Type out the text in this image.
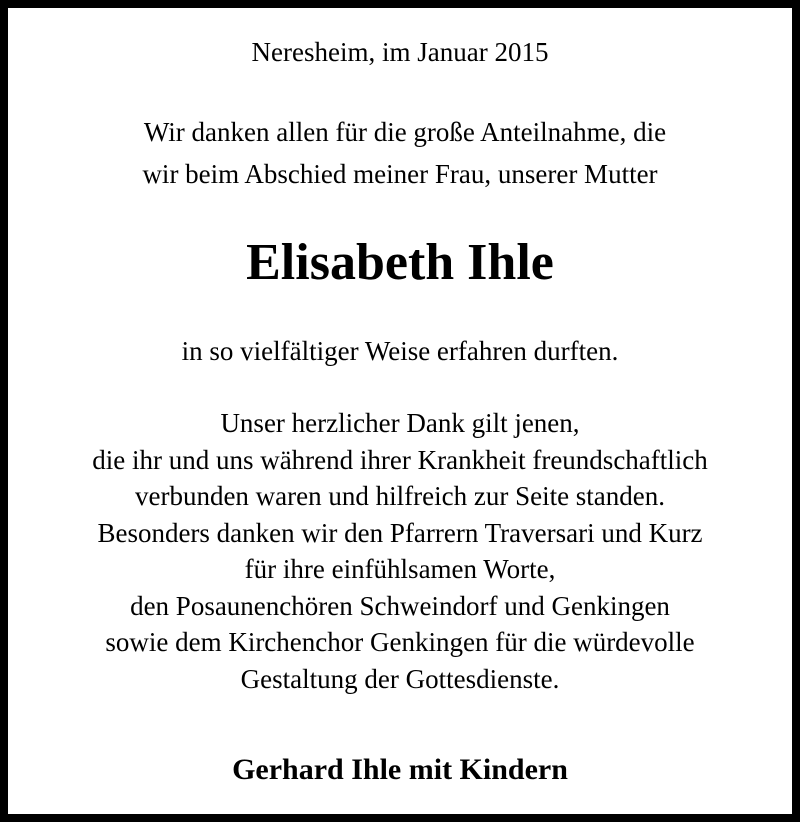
Neresheim, im Januar 2015
Wir danken allen für die große Anteilnahme, die
wir beim Abschied meiner Frau, unserer Mutter
Elisabeth Ihle
in so vielfältiger Weise erfahren durften.
Unser herzlicher Dank gilt jenen,
die ihr und uns während ihrer Krankheit freundschaftlich
verbunden waren und hilfreich zur Seite standen.
Besonders danken wir den Pfarrern Traversari und Kurz
für ihre einfühlsamen Worte,
den Posaunenchören Schweindorf und Genkingen
sowie dem Kirchenchor Genkingen für die würdevolle
Gestaltung der Gottesdienste.
Gerhard Ihle mit Kindern
